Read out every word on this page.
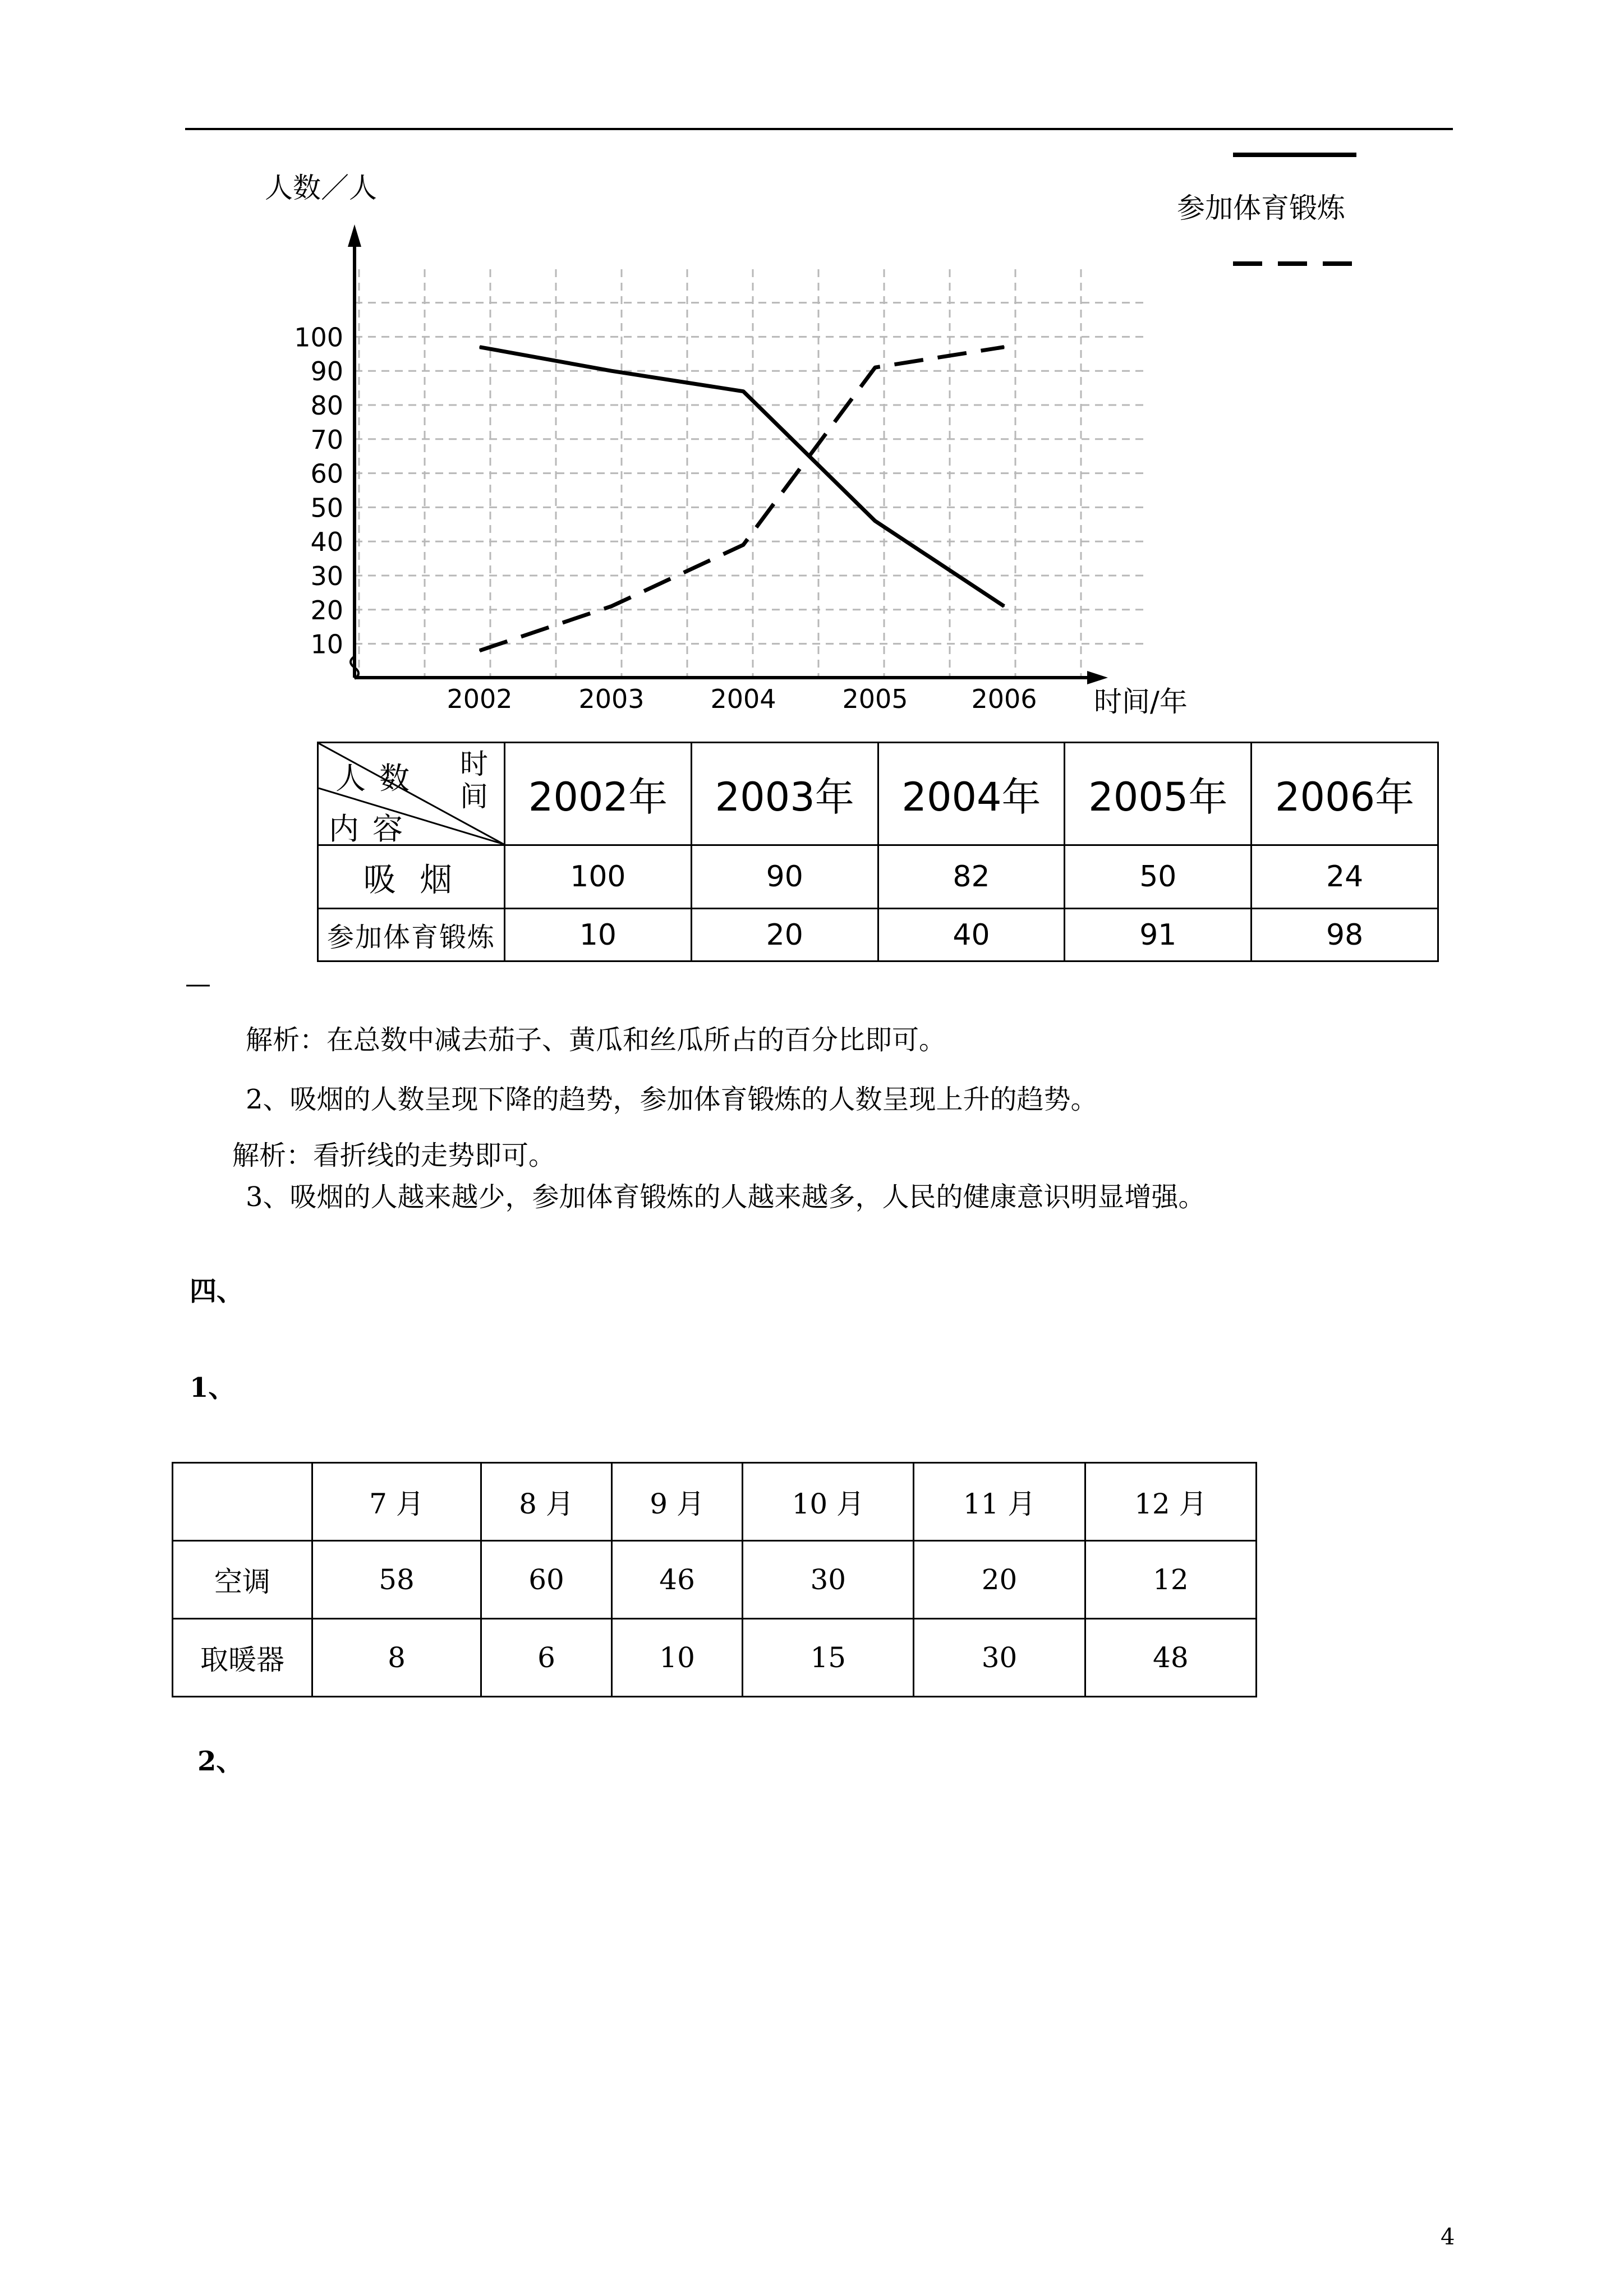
人数／人
时间/年
10
20
30
40
50
60
70
80
90
100
2002	2003	2004	2005 2006
参加体育锻炼
时间
人数
内容	2002年	2003年	2004年	2005年	2006年
吸 烟	100	90	82	50	24
参加体育锻炼	10	20	40	91	98
—
解析：在总数中减去茄子、黄瓜和丝瓜所占的百分比即可。
2、吸烟的人数呈现下降的趋势，参加体育锻炼的人数呈现上升的趋势。
解析：看折线的走势即可。
3、吸烟的人越来越少，参加体育锻炼的人越来越多，人民的健康意识明显增强。
四、
1、
2、
	7 月	8 月	9 月	10 月	11 月	12 月
空调	58	60	46	30	20	12
取暖器	8	6	10	15	30	48
4
